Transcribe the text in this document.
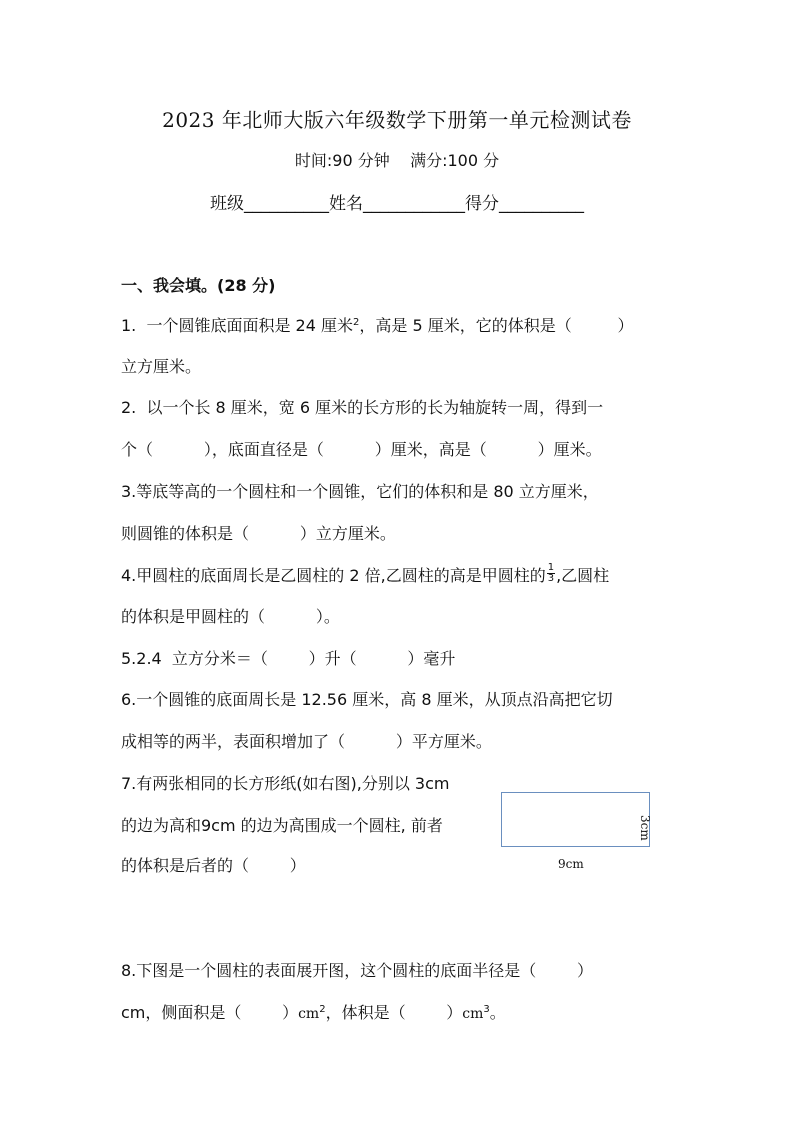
2023 年北师大版六年级数学下册第一单元检测试卷
时间:90 分钟    满分:100 分
班级__________姓名____________得分__________
一、我会填。(28 分)
1.  一个圆锥底面面积是 24 厘米$^2$，高是 5 厘米，它的体积是（         ）
立方厘米。
2.  以一个长 8 厘米，宽 6 厘米的长方形的长为轴旋转一周，得到一
个（          ），底面直径是（          ）厘米，高是（          ）厘米。
3.等底等高的一个圆柱和一个圆锥，它们的体积和是 80 立方厘米，
则圆锥的体积是（          ）立方厘米。
4.甲圆柱的底面周长是乙圆柱的 2 倍,乙圆柱的高是甲圆柱的 $\frac{1}{3}$ ,乙圆柱
的体积是甲圆柱的（          ）。
5.2.4  立方分米＝（        ）升（          ）毫升
6.一个圆锥的底面周长是 12.56 厘米，高 8 厘米，从顶点沿高把它切
成相等的两半，表面积增加了（          ）平方厘米。
7.有两张相同的长方形纸(如右图),分别以 3cm
的边为高和9cm 的边为高围成一个圆柱, 前者
的体积是后者的（        ）	9cm
3cm
8.下图是一个圆柱的表面展开图，这个圆柱的底面半径是（        ）
cm，侧面积是（        ）$cm^2$，体积是（        ）$cm^3$。
